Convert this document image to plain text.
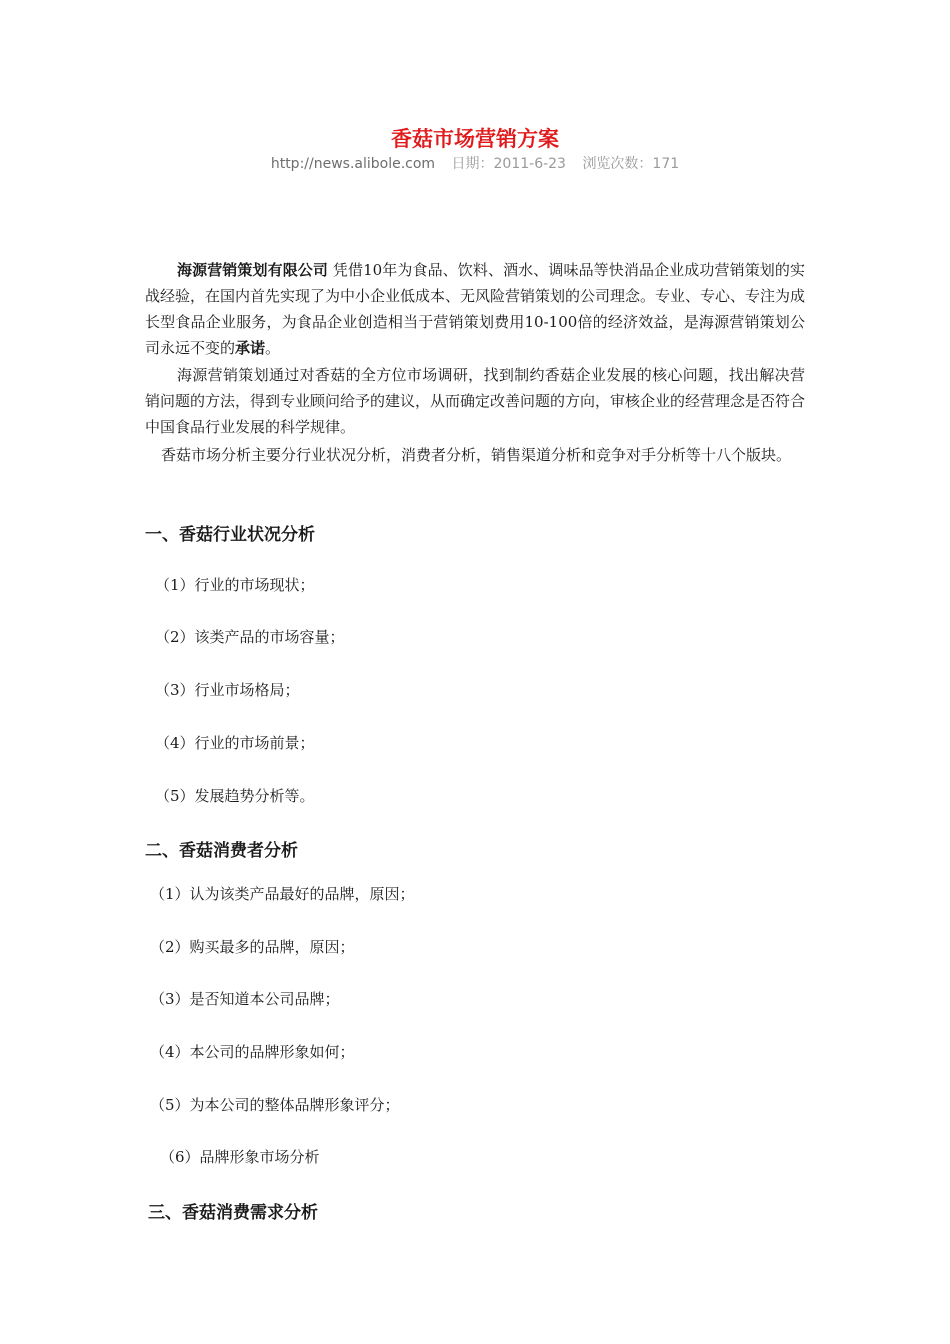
香菇市场营销方案
http://news.alibole.com 日期：2011-6-23 浏览次数：171
海源营销策划有限公司 凭借10年为食品、饮料、酒水、调味品等快消品企业成功营销策划的实战经验，在国内首先实现了为中小企业低成本、无风险营销策划的公司理念。专业、专心、专注为成长型食品企业服务，为食品企业创造相当于营销策划费用10-100倍的经济效益，是海源营销策划公司永远不变的承诺。
海源营销策划通过对香菇的全方位市场调研，找到制约香菇企业发展的核心问题，找出解决营销问题的方法，得到专业顾问给予的建议，从而确定改善问题的方向，审核企业的经营理念是否符合中国食品行业发展的科学规律。
香菇市场分析主要分行业状况分析，消费者分析，销售渠道分析和竞争对手分析等十八个版块。
一、香菇行业状况分析
（1）行业的市场现状；
（2）该类产品的市场容量；
（3）行业市场格局；
（4）行业的市场前景；
（5）发展趋势分析等。
二、香菇消费者分析
（1）认为该类产品最好的品牌，原因；
（2）购买最多的品牌，原因；
（3）是否知道本公司品牌；
（4）本公司的品牌形象如何；
（5）为本公司的整体品牌形象评分；
（6）品牌形象市场分析
三、香菇消费需求分析
